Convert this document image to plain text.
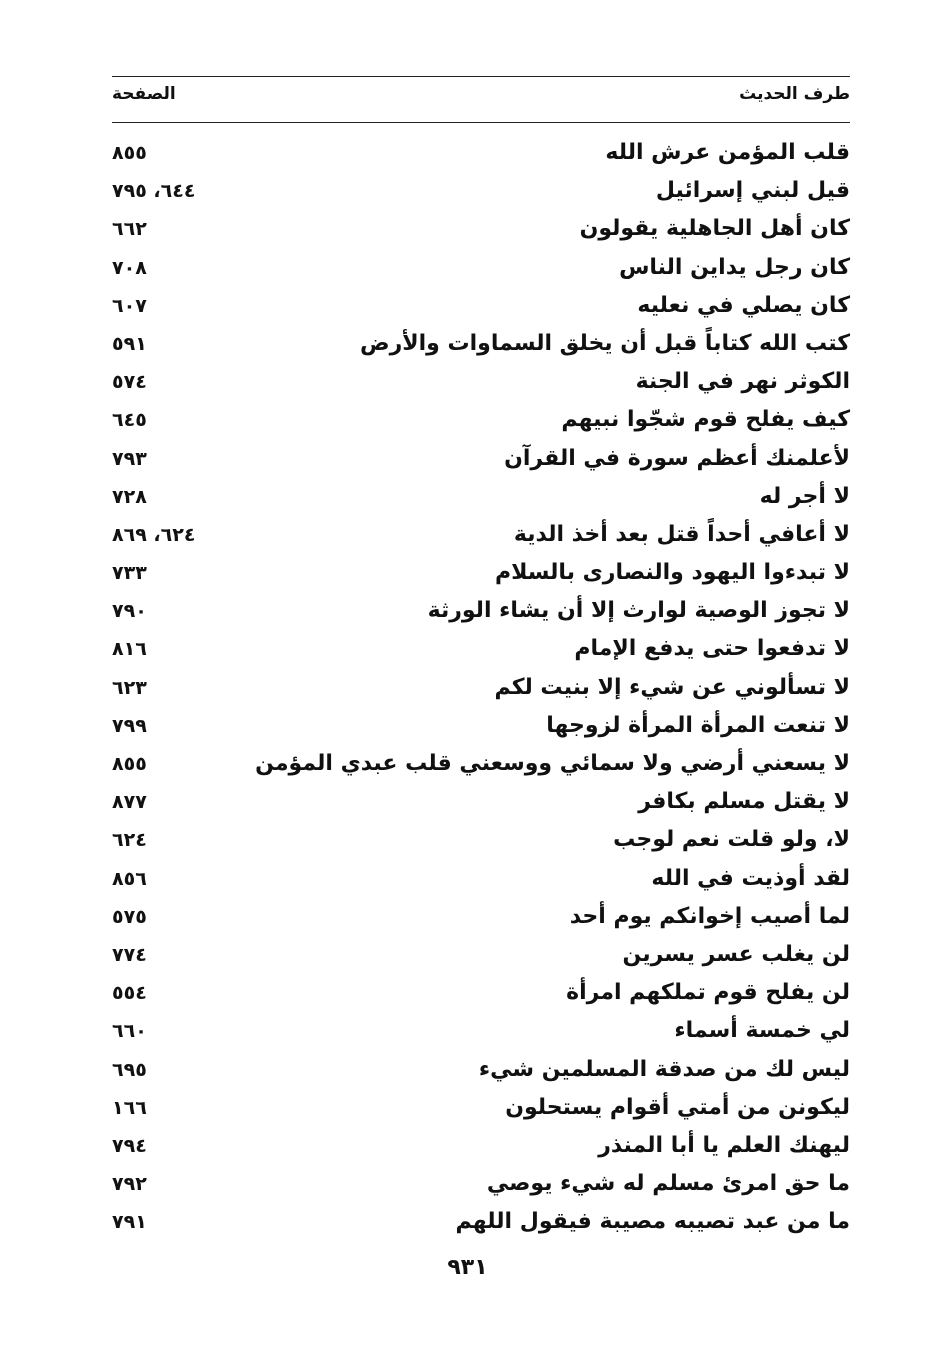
طرف الحديث
الصفحة
قلب المؤمن عرش الله
٨٥٥
قيل لبني إسرائيل
٦٤٤، ٧٩٥
كان أهل الجاهلية يقولون
٦٦٢
كان رجل يداين الناس
٧٠٨
كان يصلي في نعليه
٦٠٧
كتب الله كتاباً قبل أن يخلق السماوات والأرض
٥٩١
الكوثر نهر في الجنة
٥٧٤
كيف يفلح قوم شجّوا نبيهم
٦٤٥
لأعلمنك أعظم سورة في القرآن
٧٩٣
لا أجر له
٧٢٨
لا أعافي أحداً قتل بعد أخذ الدية
٦٢٤، ٨٦٩
لا تبدءوا اليهود والنصارى بالسلام
٧٣٣
لا تجوز الوصية لوارث إلا أن يشاء الورثة
٧٩٠
لا تدفعوا حتى يدفع الإمام
٨١٦
لا تسألوني عن شيء إلا بنيت لكم
٦٢٣
لا تنعت المرأة المرأة لزوجها
٧٩٩
لا يسعني أرضي ولا سمائي ووسعني قلب عبدي المؤمن
٨٥٥
لا يقتل مسلم بكافر
٨٧٧
لا، ولو قلت نعم لوجب
٦٢٤
لقد أوذيت في الله
٨٥٦
لما أصيب إخوانكم يوم أحد
٥٧٥
لن يغلب عسر يسرين
٧٧٤
لن يفلح قوم تملكهم امرأة
٥٥٤
لي خمسة أسماء
٦٦٠
ليس لك من صدقة المسلمين شيء
٦٩٥
ليكونن من أمتي أقوام يستحلون
١٦٦
ليهنك العلم يا أبا المنذر
٧٩٤
ما حق امرئ مسلم له شيء يوصي
٧٩٢
ما من عبد تصيبه مصيبة فيقول اللهم
٧٩١
٩٣١
